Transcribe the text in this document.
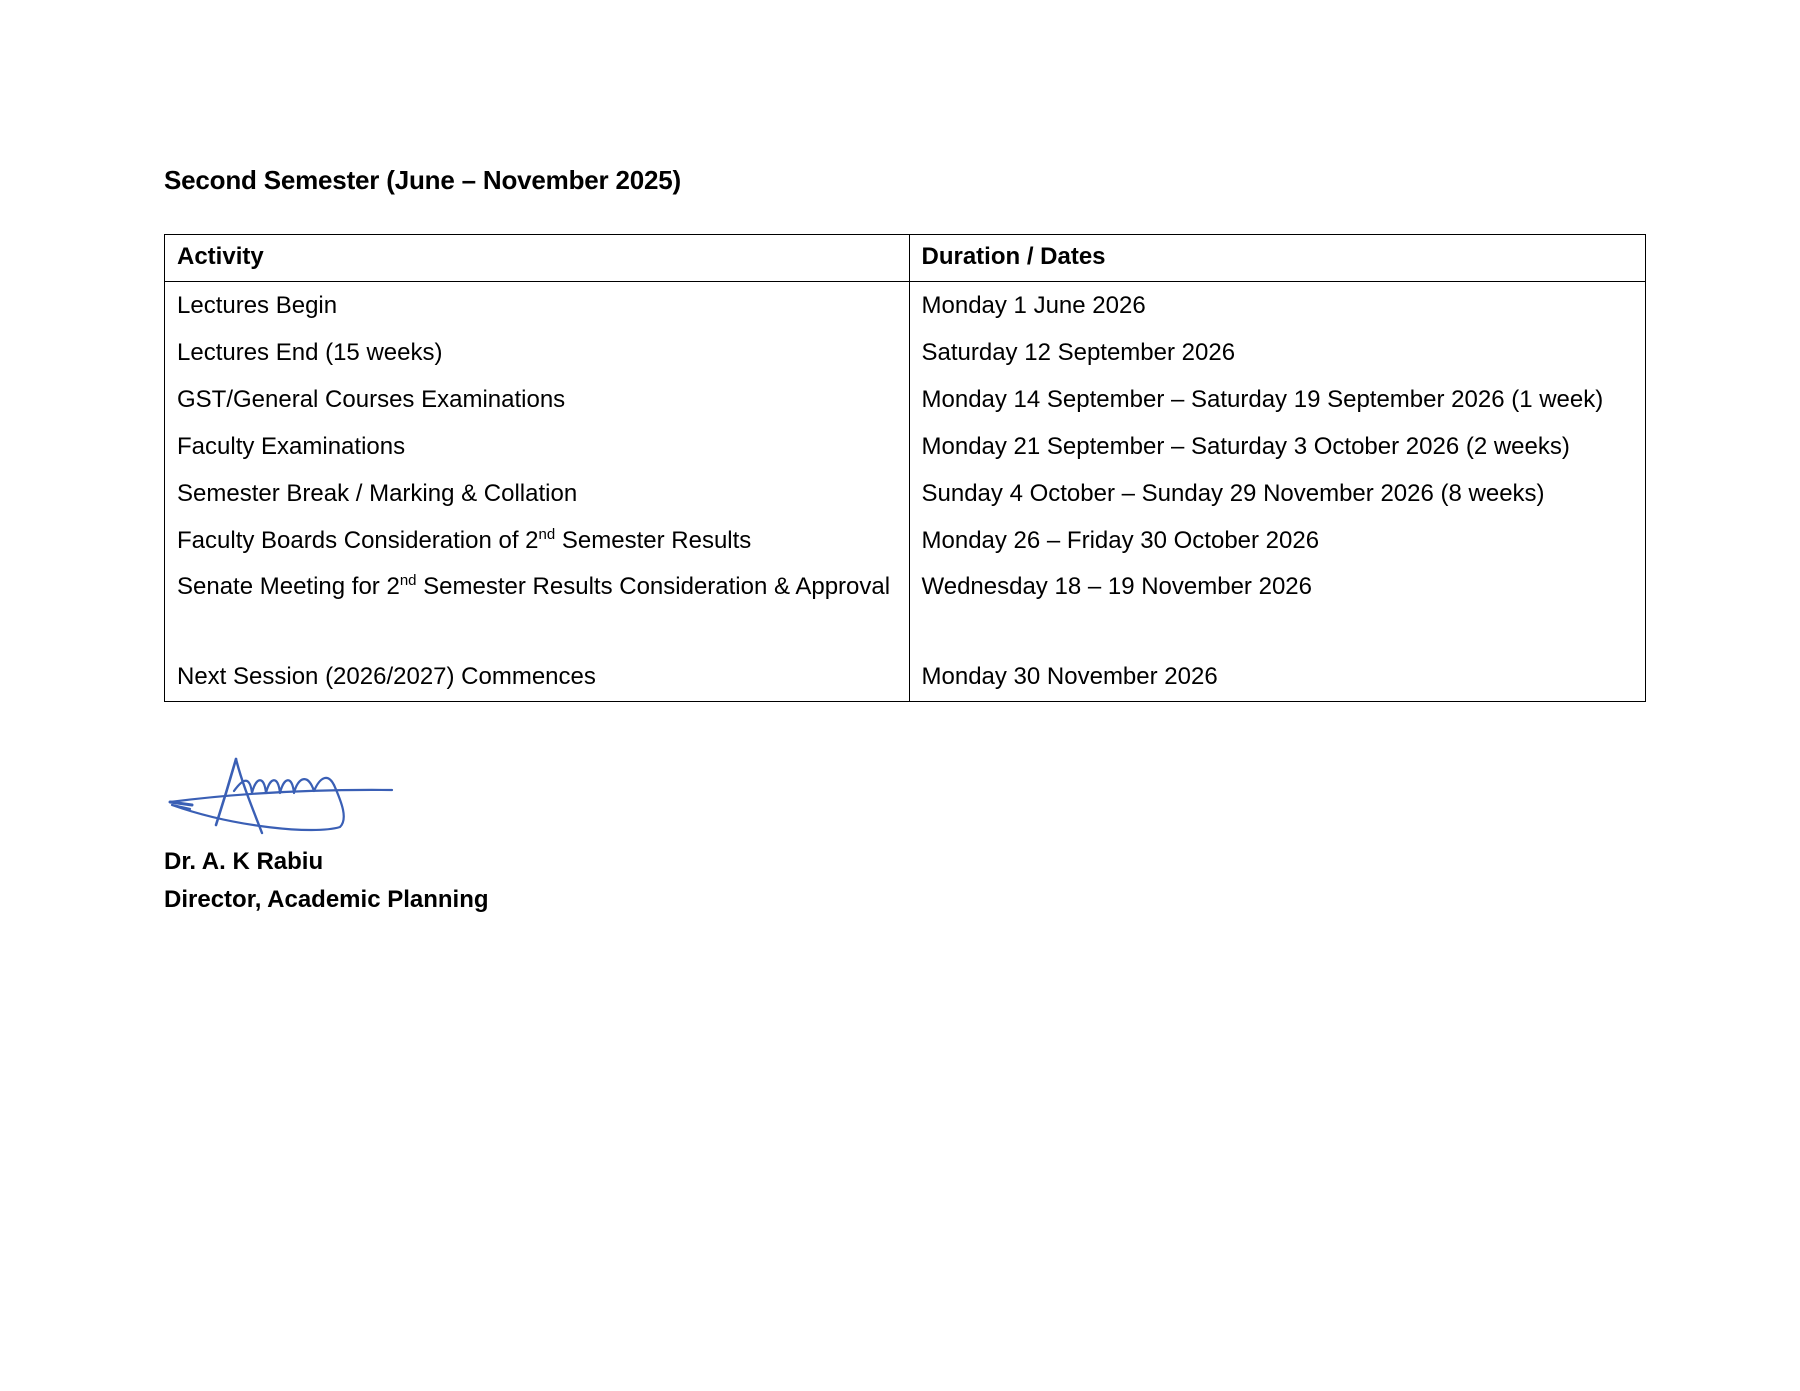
Second Semester (June – November 2025)
Activity	Duration / Dates
Lectures Begin	Monday 1 June 2026
Lectures End (15 weeks)	Saturday 12 September 2026
GST/General Courses Examinations	Monday 14 September – Saturday 19 September 2026 (1 week)
Faculty Examinations	Monday 21 September – Saturday 3 October 2026 (2 weeks)
Semester Break / Marking & Collation	Sunday 4 October – Sunday 29 November 2026 (8 weeks)
Faculty Boards Consideration of 2nd Semester Results	Monday 26 – Friday 30 October 2026
Senate Meeting for 2nd Semester Results Consideration & Approval	Wednesday 18 – 19 November 2026
Next Session (2026/2027) Commences	Monday 30 November 2026
Dr. A. K Rabiu
Director, Academic Planning
